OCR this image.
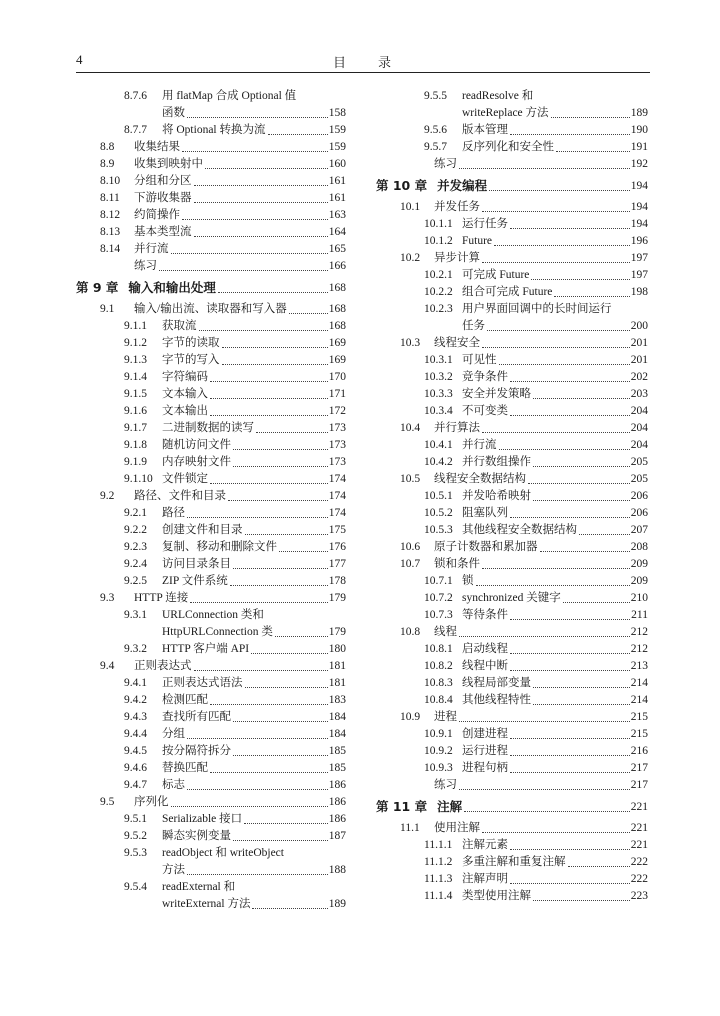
4	目　　录
8.7.6	用 flatMap 合成 Optional 值
函数	158
8.7.7	将 Optional 转换为流	159
8.8	收集结果	159
8.9	收集到映射中	160
8.10	分组和分区	161
8.11	下游收集器	161
8.12	约简操作	163
8.13	基本类型流	164
8.14	并行流	165
练习	166
第 9 章 输入和输出处理	168
9.1	输入/输出流、读取器和写入器	168
9.1.1	获取流	168
9.1.2	字节的读取	169
9.1.3	字节的写入	169
9.1.4	字符编码	170
9.1.5	文本输入	171
9.1.6	文本输出	172
9.1.7	二进制数据的读写	173
9.1.8	随机访问文件	173
9.1.9	内存映射文件	173
9.1.10 文件锁定	174
9.2	路径、文件和目录	174
9.2.1	路径	174
9.2.2	创建文件和目录	175
9.2.3	复制、移动和删除文件	176
9.2.4	访问目录条目	177
9.2.5	ZIP 文件系统	178
9.3	HTTP 连接	179
9.3.1	URLConnection 类和
HttpURLConnection 类	179
9.3.2	HTTP 客户端 API	180
9.4	正则表达式	181
9.4.1	正则表达式语法	181
9.4.2	检测匹配	183
9.4.3	查找所有匹配	184
9.4.4	分组	184
9.4.5	按分隔符拆分	185
9.4.6	替换匹配	185
9.4.7	标志	186
9.5	序列化	186
9.5.1	Serializable 接口	186
9.5.2	瞬态实例变量	187
9.5.3	readObject 和 writeObject
方法	188
9.5.4	readExternal 和
writeExternal 方法	189
9.5.5	readResolve 和
writeReplace 方法	189
9.5.6	版本管理	190
9.5.7	反序列化和安全性	191
练习	192
第 10 章 并发编程	194
10.1	并发任务	194
10.1.1 运行任务	194
10.1.2 Future	196
10.2	异步计算	197
10.2.1 可完成 Future	197
10.2.2 组合可完成 Future	198
10.2.3 用户界面回调中的长时间运行
任务	200
10.3	线程安全	201
10.3.1 可见性	201
10.3.2 竞争条件	202
10.3.3 安全并发策略	203
10.3.4 不可变类	204
10.4	并行算法	204
10.4.1 并行流	204
10.4.2 并行数组操作	205
10.5	线程安全数据结构	205
10.5.1 并发哈希映射	206
10.5.2 阻塞队列	206
10.5.3 其他线程安全数据结构	207
10.6	原子计数器和累加器	208
10.7	锁和条件	209
10.7.1 锁	209
10.7.2 synchronized 关键字	210
10.7.3 等待条件	211
10.8	线程	212
10.8.1 启动线程	212
10.8.2 线程中断	213
10.8.3 线程局部变量	214
10.8.4 其他线程特性	214
10.9	进程	215
10.9.1 创建进程	215
10.9.2 运行进程	216
10.9.3 进程句柄	217
练习	217
第 11 章 注解	221
11.1	使用注解	221
11.1.1 注解元素	221
11.1.2 多重注解和重复注解	222
11.1.3 注解声明	222
11.1.4 类型使用注解	223
